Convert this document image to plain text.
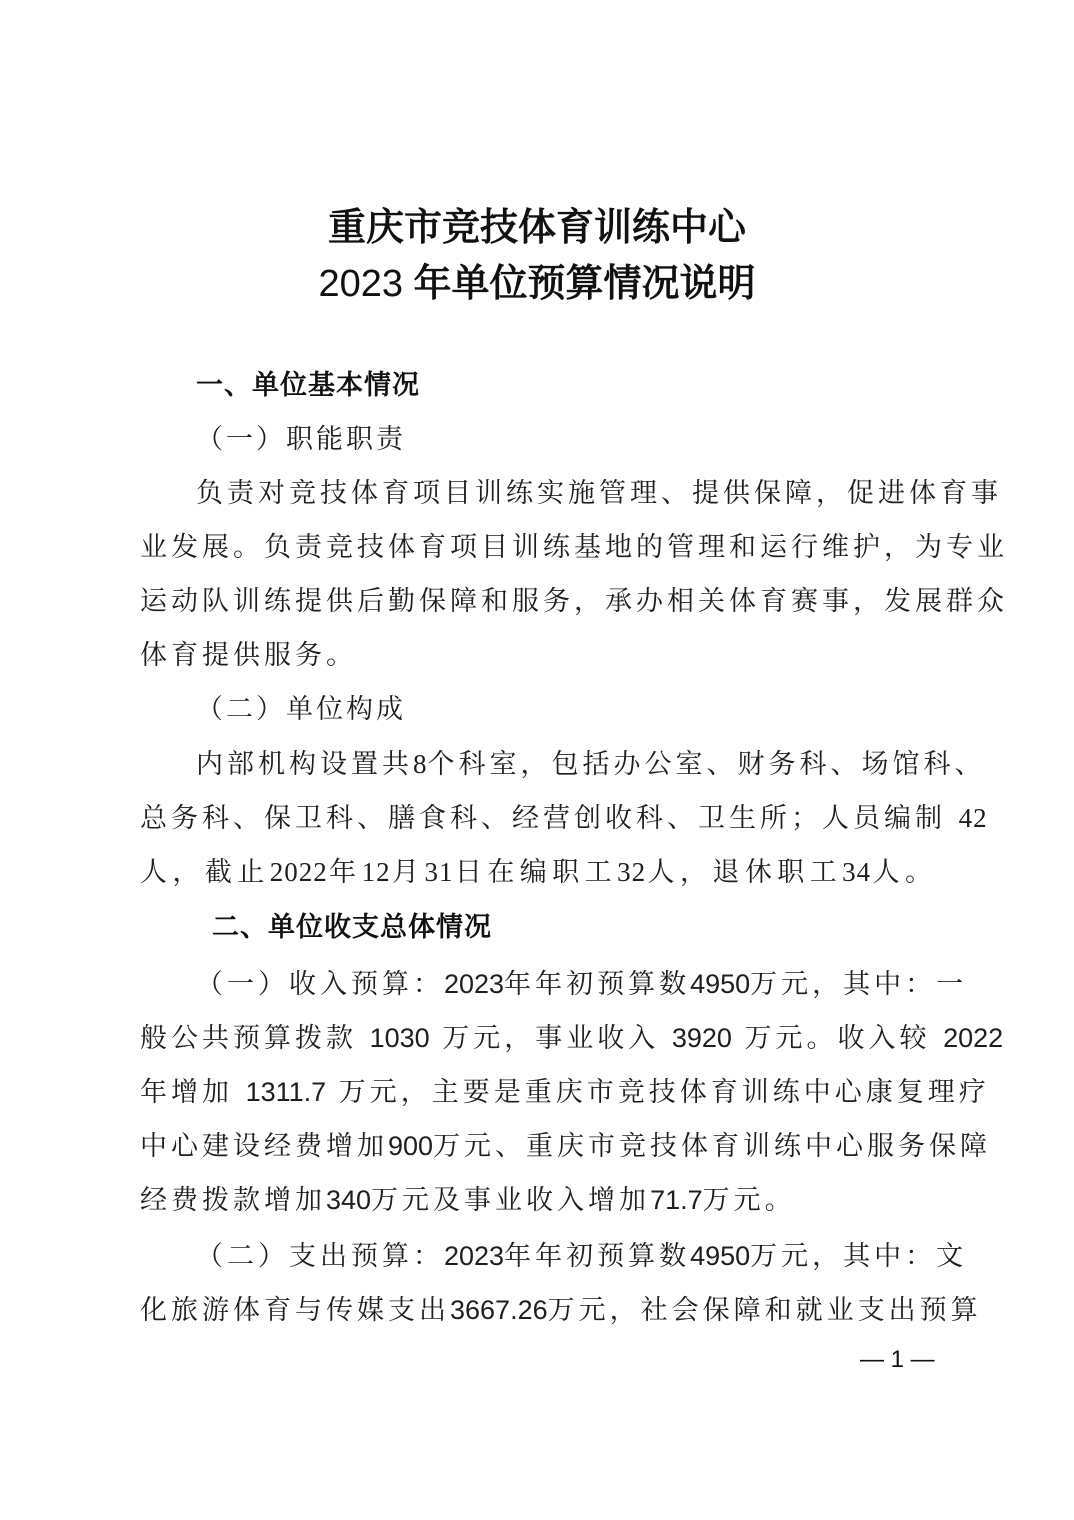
重庆市竞技体育训练中心
2023 年单位预算情况说明
一、单位基本情况
（一）职能职责
负责对竞技体育项目训练实施管理、提供保障，促进体育事
业发展。负责竞技体育项目训练基地的管理和运行维护，为专业
运动队训练提供后勤保障和服务，承办相关体育赛事，发展群众
体育提供服务。
（二）单位构成
内部机构设置共8个科室，包括办公室、财务科、场馆科、
总务科、保卫科、膳食科、经营创收科、卫生所；人员编制 42
人，截止2022年12月31日在编职工32人，退休职工34人。
二、单位收支总体情况
（一）收入预算：2023年年初预算数4950万元，其中：一
般公共预算拨款 1030 万元，事业收入 3920 万元。收入较 2022
年增加 1311.7 万元，主要是重庆市竞技体育训练中心康复理疗
中心建设经费增加900万元、重庆市竞技体育训练中心服务保障
经费拨款增加340万元及事业收入增加71.7万元。
（二）支出预算：2023年年初预算数4950万元，其中：文
化旅游体育与传媒支出3667.26万元，社会保障和就业支出预算
— 1 —
